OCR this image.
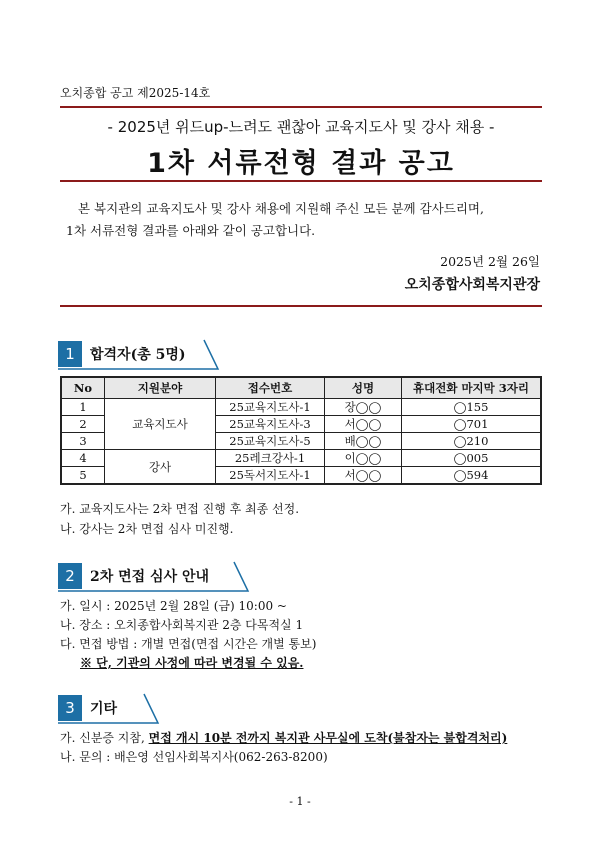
오치종합 공고 제2025-14호
- 2025년 위드up-느려도 괜찮아 교육지도사 및 강사 채용 -
1차 서류전형 결과 공고
본 복지관의 교육지도사 및 강사 채용에 지원해 주신 모든 분께 감사드리며,
1차 서류전형 결과를 아래와 같이 공고합니다.
2025년 2월 26일
오치종합사회복지관장
1	합격자(총 5명)
No	지원분야	접수번호	성명	휴대전화 마지막 3자리
1	교육지도사	25교육지도사-1	장◯◯	◯155
2		25교육지도사-3	서◯◯	◯701
3		25교육지도사-5	배◯◯	◯210
4	강사	25레크강사-1	이◯◯	◯005
5		25독서지도사-1	서◯◯	◯594
가. 교육지도사는 2차 면접 진행 후 최종 선정.
나. 강사는 2차 면접 심사 미진행.
2	2차 면접 심사 안내
가. 일시 : 2025년 2월 28일 (금) 10:00 ~
나. 장소 : 오치종합사회복지관 2층 다목적실 1
다. 면접 방법 : 개별 면접(면접 시간은 개별 통보)
※ 단, 기관의 사정에 따라 변경될 수 있음.
3	기타
가. 신분증 지참, 면접 개시 10분 전까지 복지관 사무실에 도착(불참자는 불합격처리)
나. 문의 : 배은영 선임사회복지사(062-263-8200)
- 1 -
